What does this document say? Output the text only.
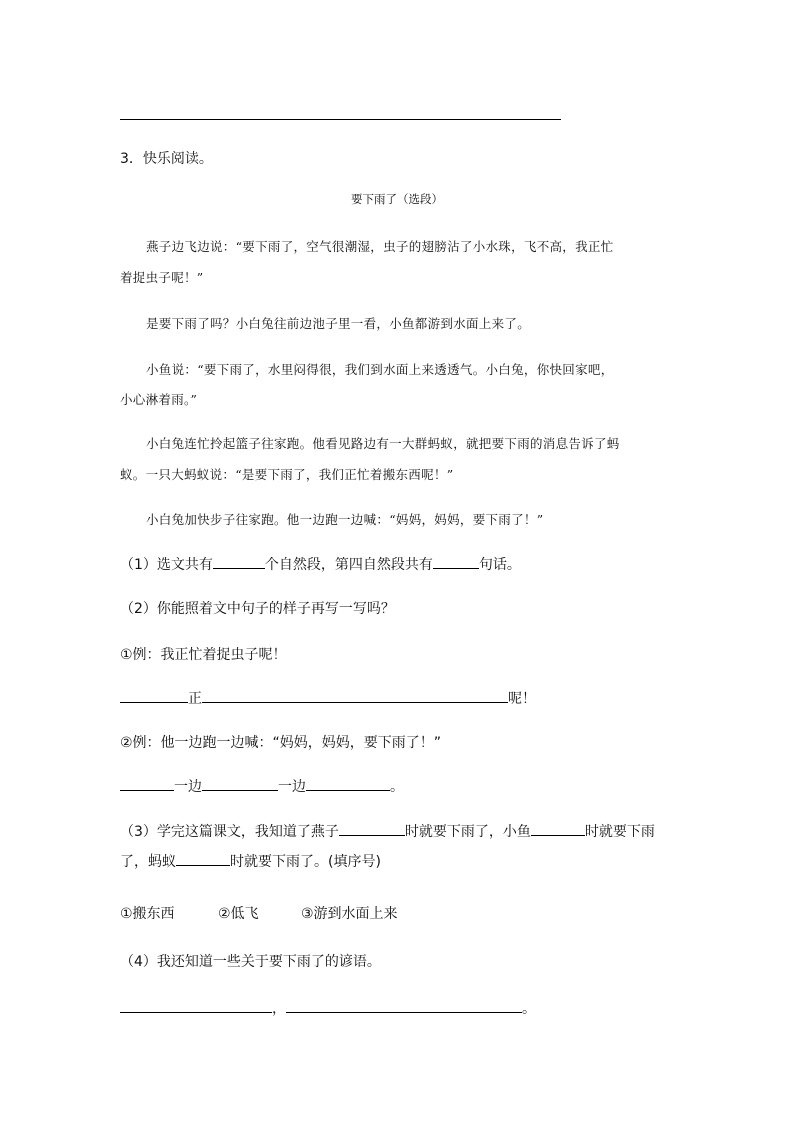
3．快乐阅读。
要下雨了（选段）
燕子边飞边说：“要下雨了，空气很潮湿，虫子的翅膀沾了小水珠，飞不高，我正忙
着捉虫子呢！”
是要下雨了吗？小白兔往前边池子里一看，小鱼都游到水面上来了。
小鱼说：“要下雨了，水里闷得很，我们到水面上来透透气。小白兔，你快回家吧，
小心淋着雨。”
小白兔连忙拎起篮子往家跑。他看见路边有一大群蚂蚁，就把要下雨的消息告诉了蚂
蚁。一只大蚂蚁说：“是要下雨了，我们正忙着搬东西呢！”
小白兔加快步子往家跑。他一边跑一边喊：“妈妈，妈妈，要下雨了！”
（1）选文共有	个自然段，第四自然段共有	句话。
（2）你能照着文中句子的样子再写一写吗？
①例：我正忙着捉虫子呢！
正	呢！
②例：他一边跑一边喊：“妈妈，妈妈，要下雨了！”
一边	一边	。
（3）学完这篇课文，我知道了燕子	时就要下雨了，小鱼	时就要下雨
了，蚂蚁	时就要下雨了。(填序号)
①搬东西	②低飞	③游到水面上来
（4）我还知道一些关于要下雨了的谚语。
，	。
